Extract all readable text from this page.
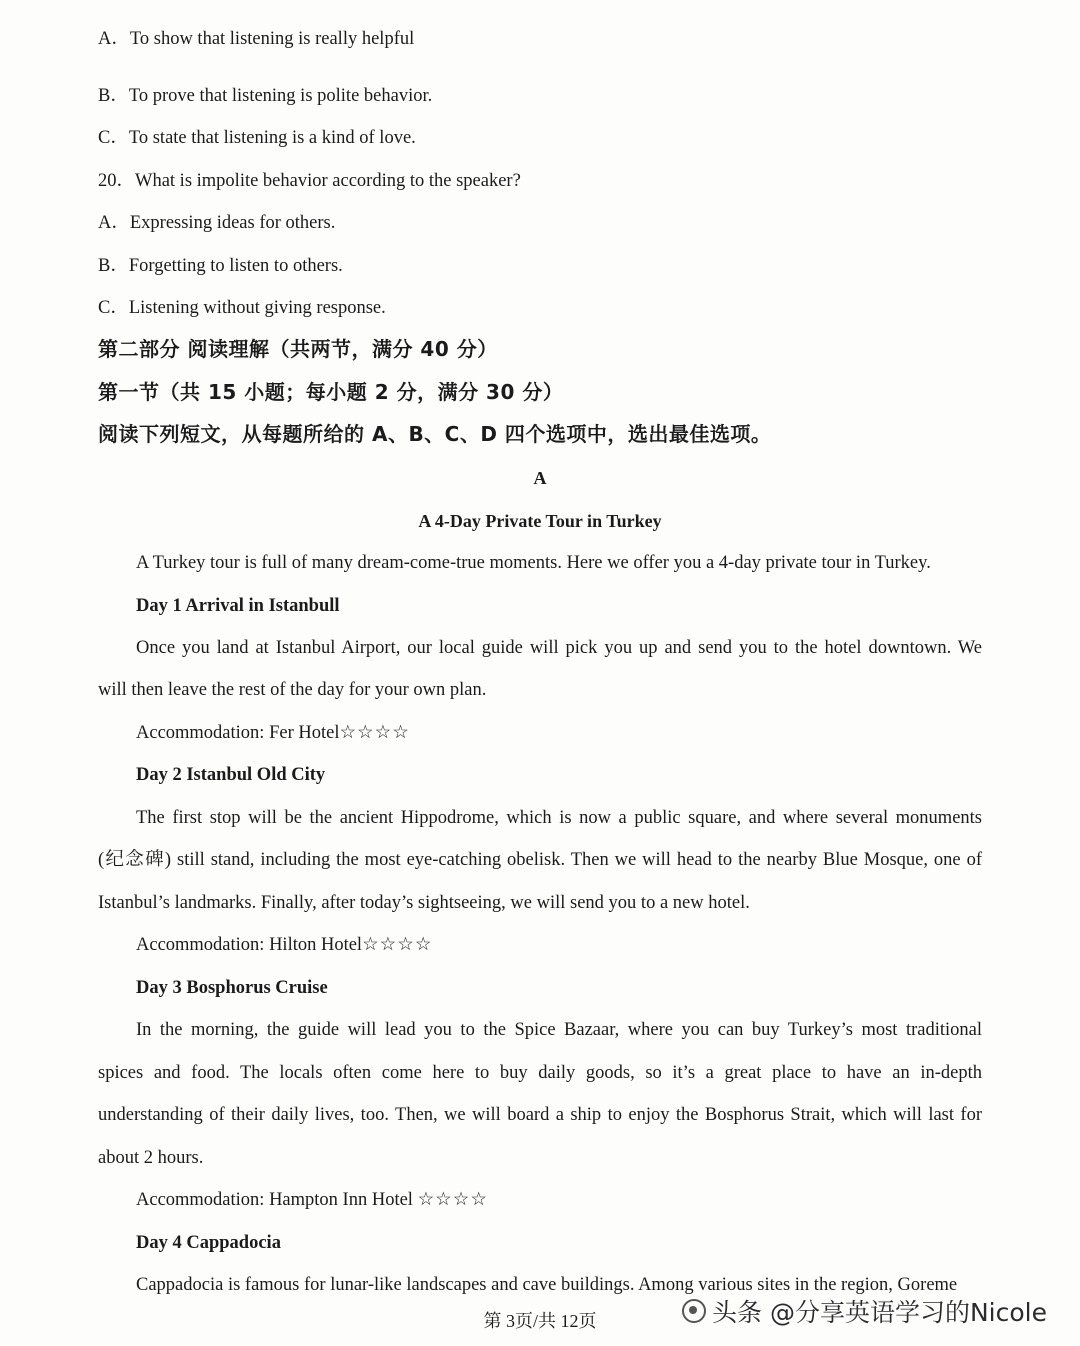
A．To show that listening is really helpful
B．To prove that listening is polite behavior.
C．To state that listening is a kind of love.
20．What is impolite behavior according to the speaker?
A．Expressing ideas for others.
B．Forgetting to listen to others.
C．Listening without giving response.
第二部分 阅读理解（共两节，满分 40 分）
第一节（共 15 小题；每小题 2 分，满分 30 分）
阅读下列短文，从每题所给的 A、B、C、D 四个选项中，选出最佳选项。
A
A 4-Day Private Tour in Turkey
A Turkey tour is full of many dream-come-true moments. Here we offer you a 4-day private tour in Turkey.
Day 1 Arrival in Istanbull
Once you land at Istanbul Airport, our local guide will pick you up and send you to the hotel downtown. We
will then leave the rest of the day for your own plan.
Accommodation: Fer Hotel☆☆☆☆
Day 2 Istanbul Old City
The first stop will be the ancient Hippodrome, which is now a public square, and where several monuments
(纪念碑) still stand, including the most eye-catching obelisk. Then we will head to the nearby Blue Mosque, one of
Istanbul’s landmarks. Finally, after today’s sightseeing, we will send you to a new hotel.
Accommodation: Hilton Hotel☆☆☆☆
Day 3 Bosphorus Cruise
In the morning, the guide will lead you to the Spice Bazaar, where you can buy Turkey’s most traditional
spices and food. The locals often come here to buy daily goods, so it’s a great place to have an in-depth
understanding of their daily lives, too. Then, we will board a ship to enjoy the Bosphorus Strait, which will last for
about 2 hours.
Accommodation: Hampton Inn Hotel ☆☆☆☆
Day 4 Cappadocia
Cappadocia is famous for lunar-like landscapes and cave buildings. Among various sites in the region, Goreme
第 3页/共 12页	头条 @分享英语学习的Nicole
